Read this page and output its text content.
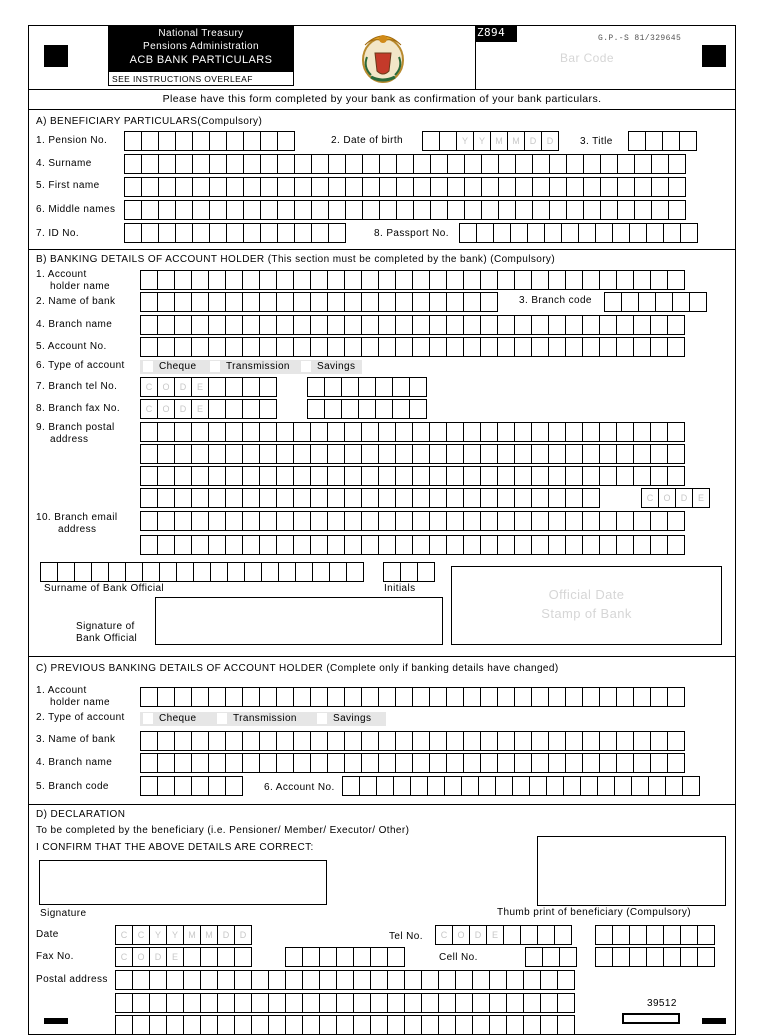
National Treasury
Pensions Administration
ACB BANK PARTICULARS
SEE INSTRUCTIONS OVERLEAF
Z894	G.P.-S 81/329645
Bar Code
Please have this form completed by your bank as confirmation of your bank particulars.
A) BENEFICIARY PARTICULARS(Compulsory)
1. Pension No.	2. Date of birth	Y	Y	M	M	D	D	3. Title
4. Surname
5. First name
6. Middle names
7. ID No.	8. Passport No.
B) BANKING DETAILS OF ACCOUNT HOLDER (This section must be completed by the bank) (Compulsory)
1. Account
holder name
2. Name of bank	3. Branch code
4. Branch name
5. Account No.
6. Type of account	Cheque	Transmission	Savings
7. Branch tel No.	C	O	D	E
8. Branch fax No.	C	O	D	E
9. Branch postal
address
C	O	D	E
10. Branch email
address
Surname of Bank Official	Initials	Official Date
Stamp of Bank
Signature of
Bank Official
C) PREVIOUS BANKING DETAILS OF ACCOUNT HOLDER (Complete only if banking details have changed)
1. Account
holder name
2. Type of account	Cheque	Transmission	Savings
3. Name of bank
4. Branch name
5. Branch code	6. Account No.
D) DECLARATION
To be completed by the beneficiary (i.e. Pensioner/ Member/ Executor/ Other)
I CONFIRM THAT THE ABOVE DETAILS ARE CORRECT:
Signature	Thumb print of beneficiary (Compulsory)
Date	C	C	Y	Y	M	M	D	D	Tel No.	C	O	D	E
Fax No.	C	O	D	E	Cell No.
Postal address
39512
